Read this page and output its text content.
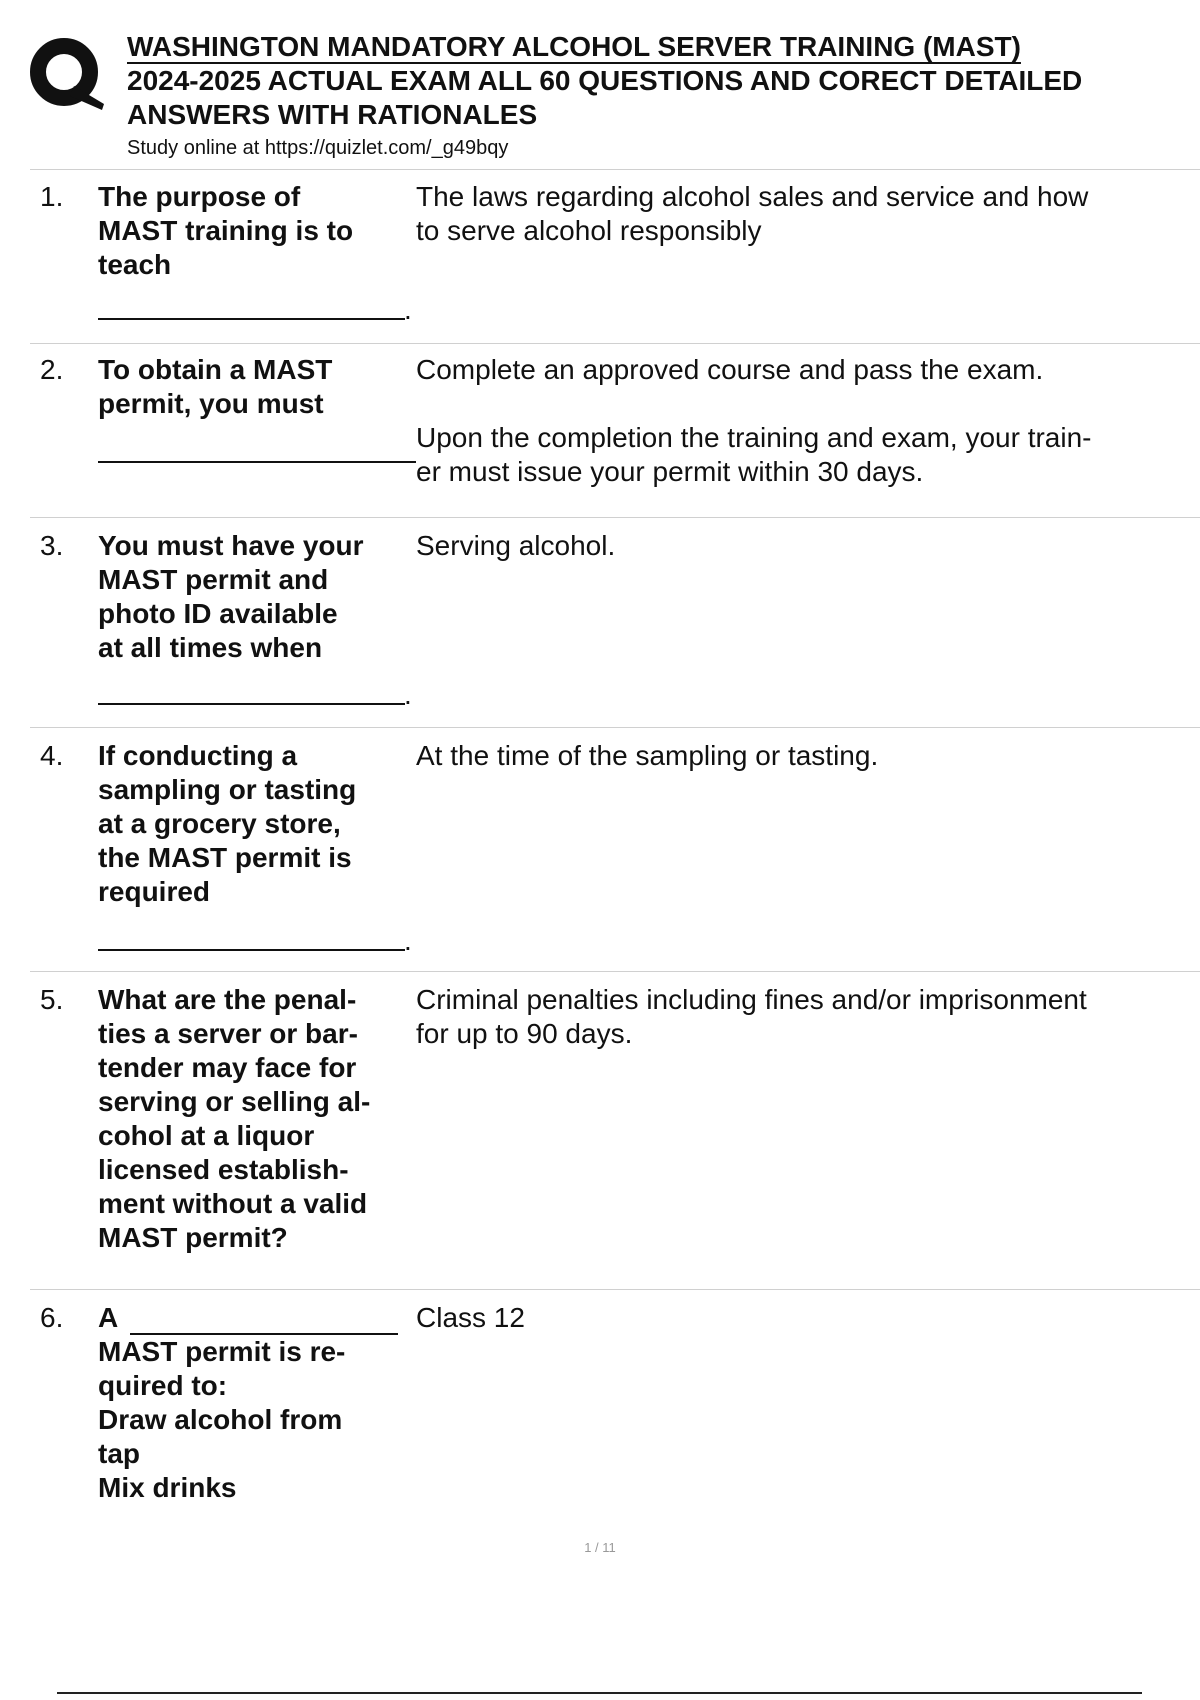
WASHINGTON MANDATORY ALCOHOL SERVER TRAINING (MAST)
2024-2025 ACTUAL EXAM ALL 60 QUESTIONS AND CORECT DETAILED
ANSWERS WITH RATIONALES
Study online at https://quizlet.com/_g49bqy
1. The purpose of
MAST training is to
teach
The laws regarding alcohol sales and service and how
to serve alcohol responsibly
.
2. To obtain a MAST
permit, you must
Complete an approved course and pass the exam.

Upon the completion the training and exam, your train-
er must issue your permit within 30 days.
3. You must have your
MAST permit and
photo ID available
at all times when
Serving alcohol.
.
4. If conducting a
sampling or tasting
at a grocery store,
the MAST permit is
required
At the time of the sampling or tasting.
.
5. What are the penal-
ties a server or bar-
tender may face for
serving or selling al-
cohol at a liquor
licensed establish-
ment without a valid
MAST permit?
Criminal penalties including fines and/or imprisonment
for up to 90 days.
6. A
MAST permit is re-
quired to:
Draw alcohol from
tap
Mix drinks
Class 12
1 / 11
